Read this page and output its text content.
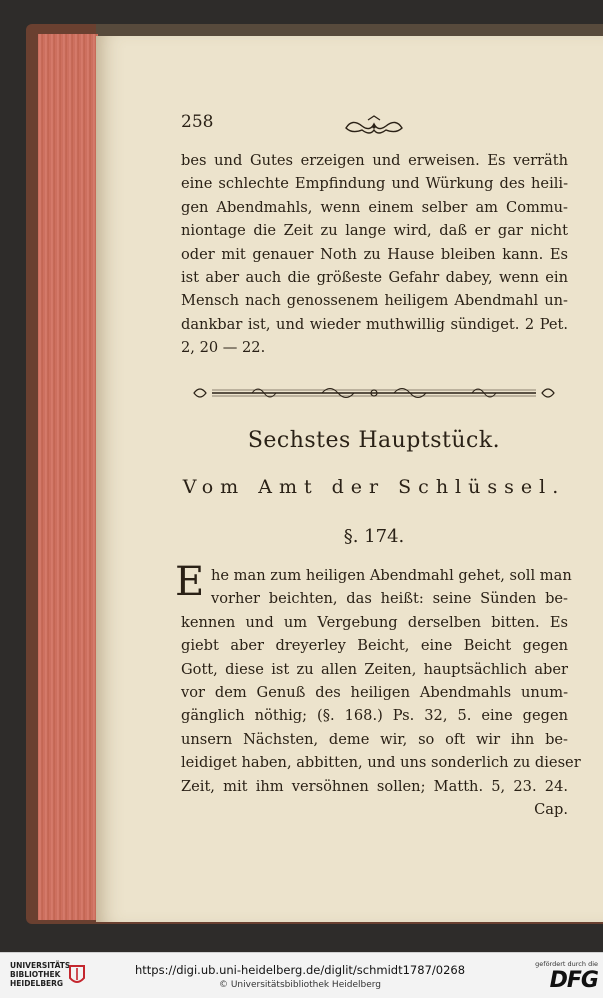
258
bes und Gutes erzeigen und erweisen. Es verräth
eine schlechte Empfindung und Würkung des heili-
gen Abendmahls, wenn einem selber am Commu-
niontage die Zeit zu lange wird, daß er gar nicht
oder mit genauer Noth zu Hause bleiben kann. Es
ist aber auch die größeste Gefahr dabey, wenn ein
Mensch nach genossenem heiligem Abendmahl un-
dankbar ist, und wieder muthwillig sündiget. 2 Pet.
2, 20 — 22.
Sechstes Hauptstück.
Vom Amt der Schlüssel.
§. 174.
E he man zum heiligen Abendmahl gehet, soll man
vorher beichten, das heißt: seine Sünden be-
kennen und um Vergebung derselben bitten. Es
giebt aber dreyerley Beicht, eine Beicht gegen
Gott, diese ist zu allen Zeiten, hauptsächlich aber
vor dem Genuß des heiligen Abendmahls unum-
gänglich nöthig; (§. 168.) Ps. 32, 5. eine gegen
unsern Nächsten, deme wir, so oft wir ihn be-
leidiget haben, abbitten, und uns sonderlich zu dieser
Zeit, mit ihm versöhnen sollen; Matth. 5, 23. 24.
Cap.
UNIVERSITÄTS-
BIBLIOTHEK
HEIDELBERG
https://digi.ub.uni-heidelberg.de/diglit/schmidt1787/0268
© Universitätsbibliothek Heidelberg
gefördert durch die
DFG
